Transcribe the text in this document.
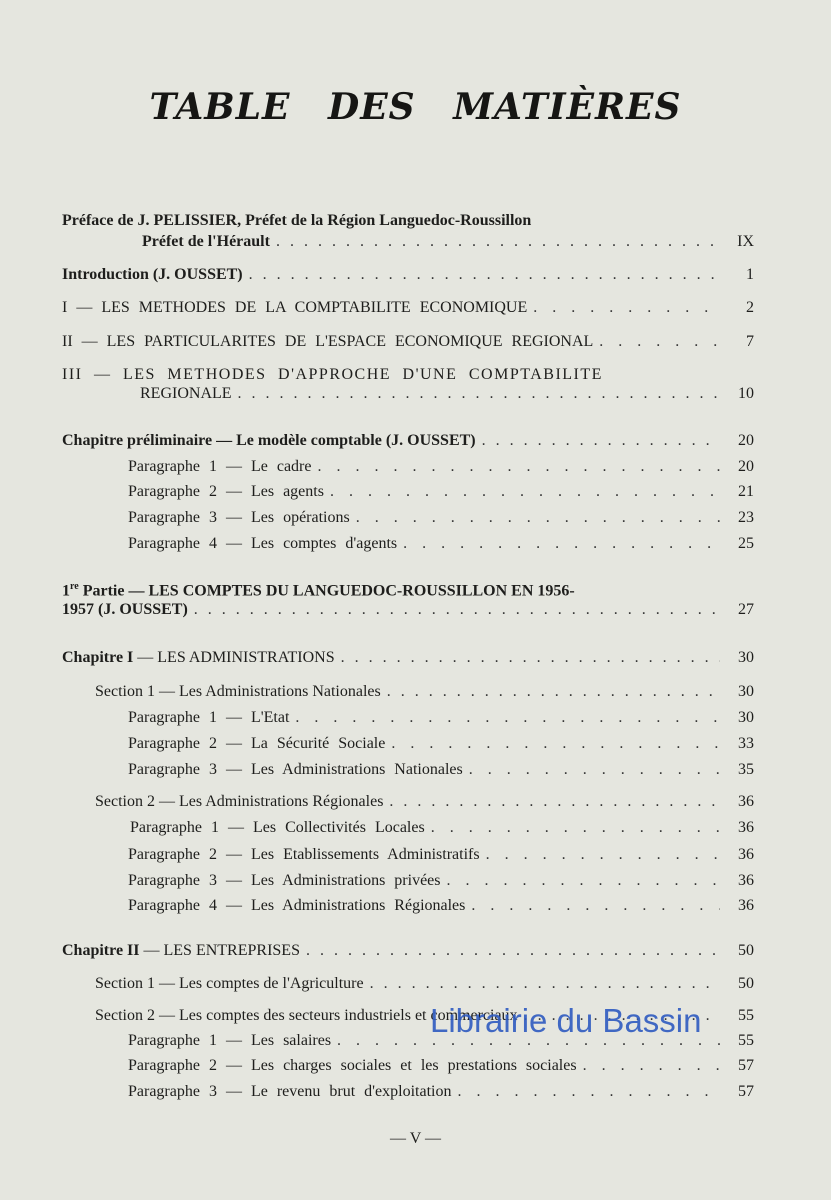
TABLE DES MATIÈRES
Préface de J. PELISSIER, Préfet de la Région Languedoc-Roussillon
Préfet de l'Hérault . . .	IX
Introduction (J. OUSSET) . . .	1
I — LES METHODES DE LA COMPTABILITE ECONOMIQUE . . .	2
II — LES PARTICULARITES DE L'ESPACE ECONOMIQUE REGIONAL . . .	7
III — LES METHODES D'APPROCHE D'UNE COMPTABILITE
REGIONALE . . .	10
Chapitre préliminaire — Le modèle comptable (J. OUSSET) . . .	20
Paragraphe 1 — Le cadre . . .	20
Paragraphe 2 — Les agents . . .	21
Paragraphe 3 — Les opérations . . .	23
Paragraphe 4 — Les comptes d'agents . . .	25
1re Partie — LES COMPTES DU LANGUEDOC-ROUSSILLON EN 1956-
1957 (J. OUSSET) . . .	27
Chapitre I — LES ADMINISTRATIONS . . .	30
Section 1 — Les Administrations Nationales . . .	30
Paragraphe 1 — L'Etat . . .	30
Paragraphe 2 — La Sécurité Sociale . . .	33
Paragraphe 3 — Les Administrations Nationales . . .	35
Section 2 — Les Administrations Régionales . . .	36
Paragraphe 1 — Les Collectivités Locales . . .	36
Paragraphe 2 — Les Etablissements Administratifs . . .	36
Paragraphe 3 — Les Administrations privées . . .	36
Paragraphe 4 — Les Administrations Régionales . . .	36
Chapitre II — LES ENTREPRISES . . .	50
Section 1 — Les comptes de l'Agriculture . . .	50
Section 2 — Les comptes des secteurs industriels et commerciaux . . .	55
Paragraphe 1 — Les salaires . . .	55
Paragraphe 2 — Les charges sociales et les prestations sociales . . .	57
Paragraphe 3 — Le revenu brut d'exploitation . . .	57
Librairie du Bassin
— V —
